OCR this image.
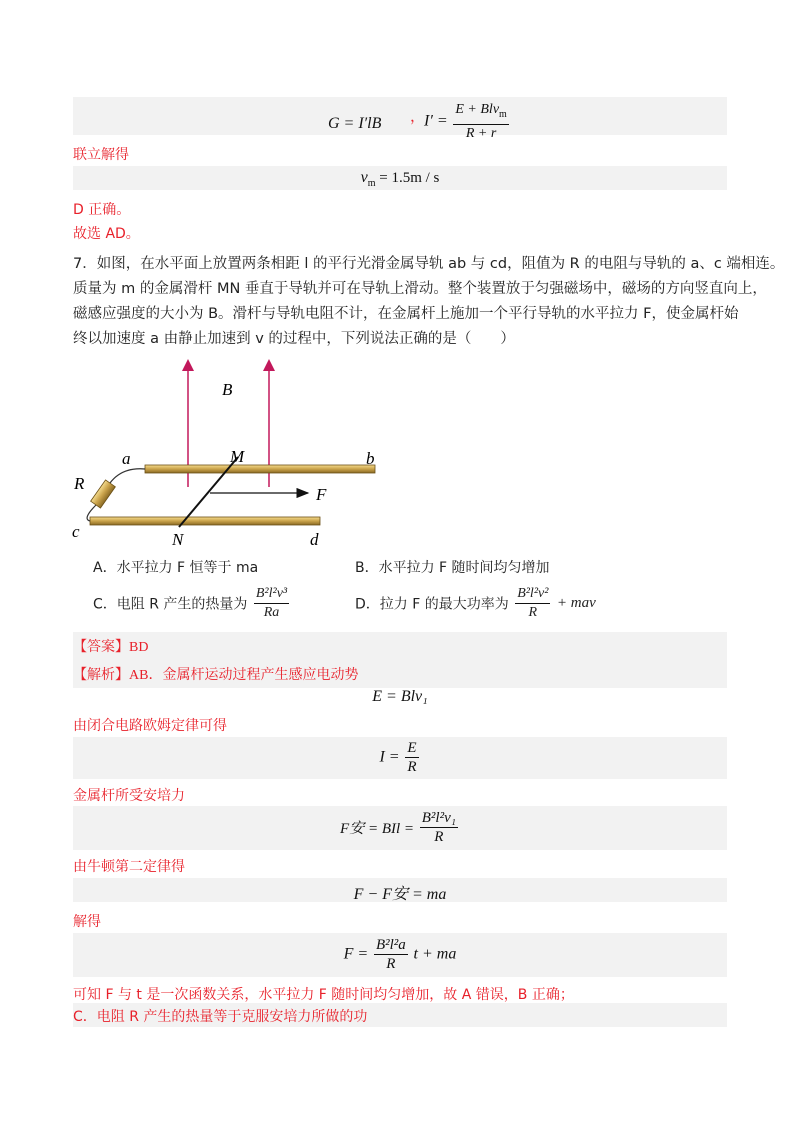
G = I′lB ，
$I' = \frac{E + Blv_m}{R + r}$
联立解得
$v_m = 1.5m / s$
D 正确。
故选 AD。
7．如图，在水平面上放置两条相距 l 的平行光滑金属导轨 ab 与 cd，阻值为 R 的电阻与导轨的 a、c 端相连。
质量为 m 的金属滑杆 MN 垂直于导轨并可在导轨上滑动。整个装置放于匀强磁场中，磁场的方向竖直向上，
磁感应强度的大小为 B。滑杆与导轨电阻不计，在金属杆上施加一个平行导轨的水平拉力 F，使金属杆始
终以加速度 a 由静止加速到 v 的过程中，下列说法正确的是（　　）
B
a	b
M
R
F
c	N	d
A．水平拉力 F 恒等于 ma	B．水平拉力 F 随时间均匀增加
C．电阻 R 产生的热量为 $\frac{\text{B²l²v³}}{Ra}$	D．拉力 F 的最大功率为 $\frac{\text{B²l²v²}}{R}$ + mav
【答案】BD
【解析】AB．金属杆运动过程产生感应电动势
E = Blv₁
由闭合电路欧姆定律可得
$I = \frac{E}{R}$
金属杆所受安培力
F安 = BIl = $\frac{\text{B²l²v₁}}{R}$
由牛顿第二定律得
F − F安 = ma
解得
$F = \frac{\text{B²l²a}}{R}$ t + ma
可知 F 与 t 是一次函数关系，水平拉力 F 随时间均匀增加，故 A 错误，B 正确；
C．电阻 R 产生的热量等于克服安培力所做的功
